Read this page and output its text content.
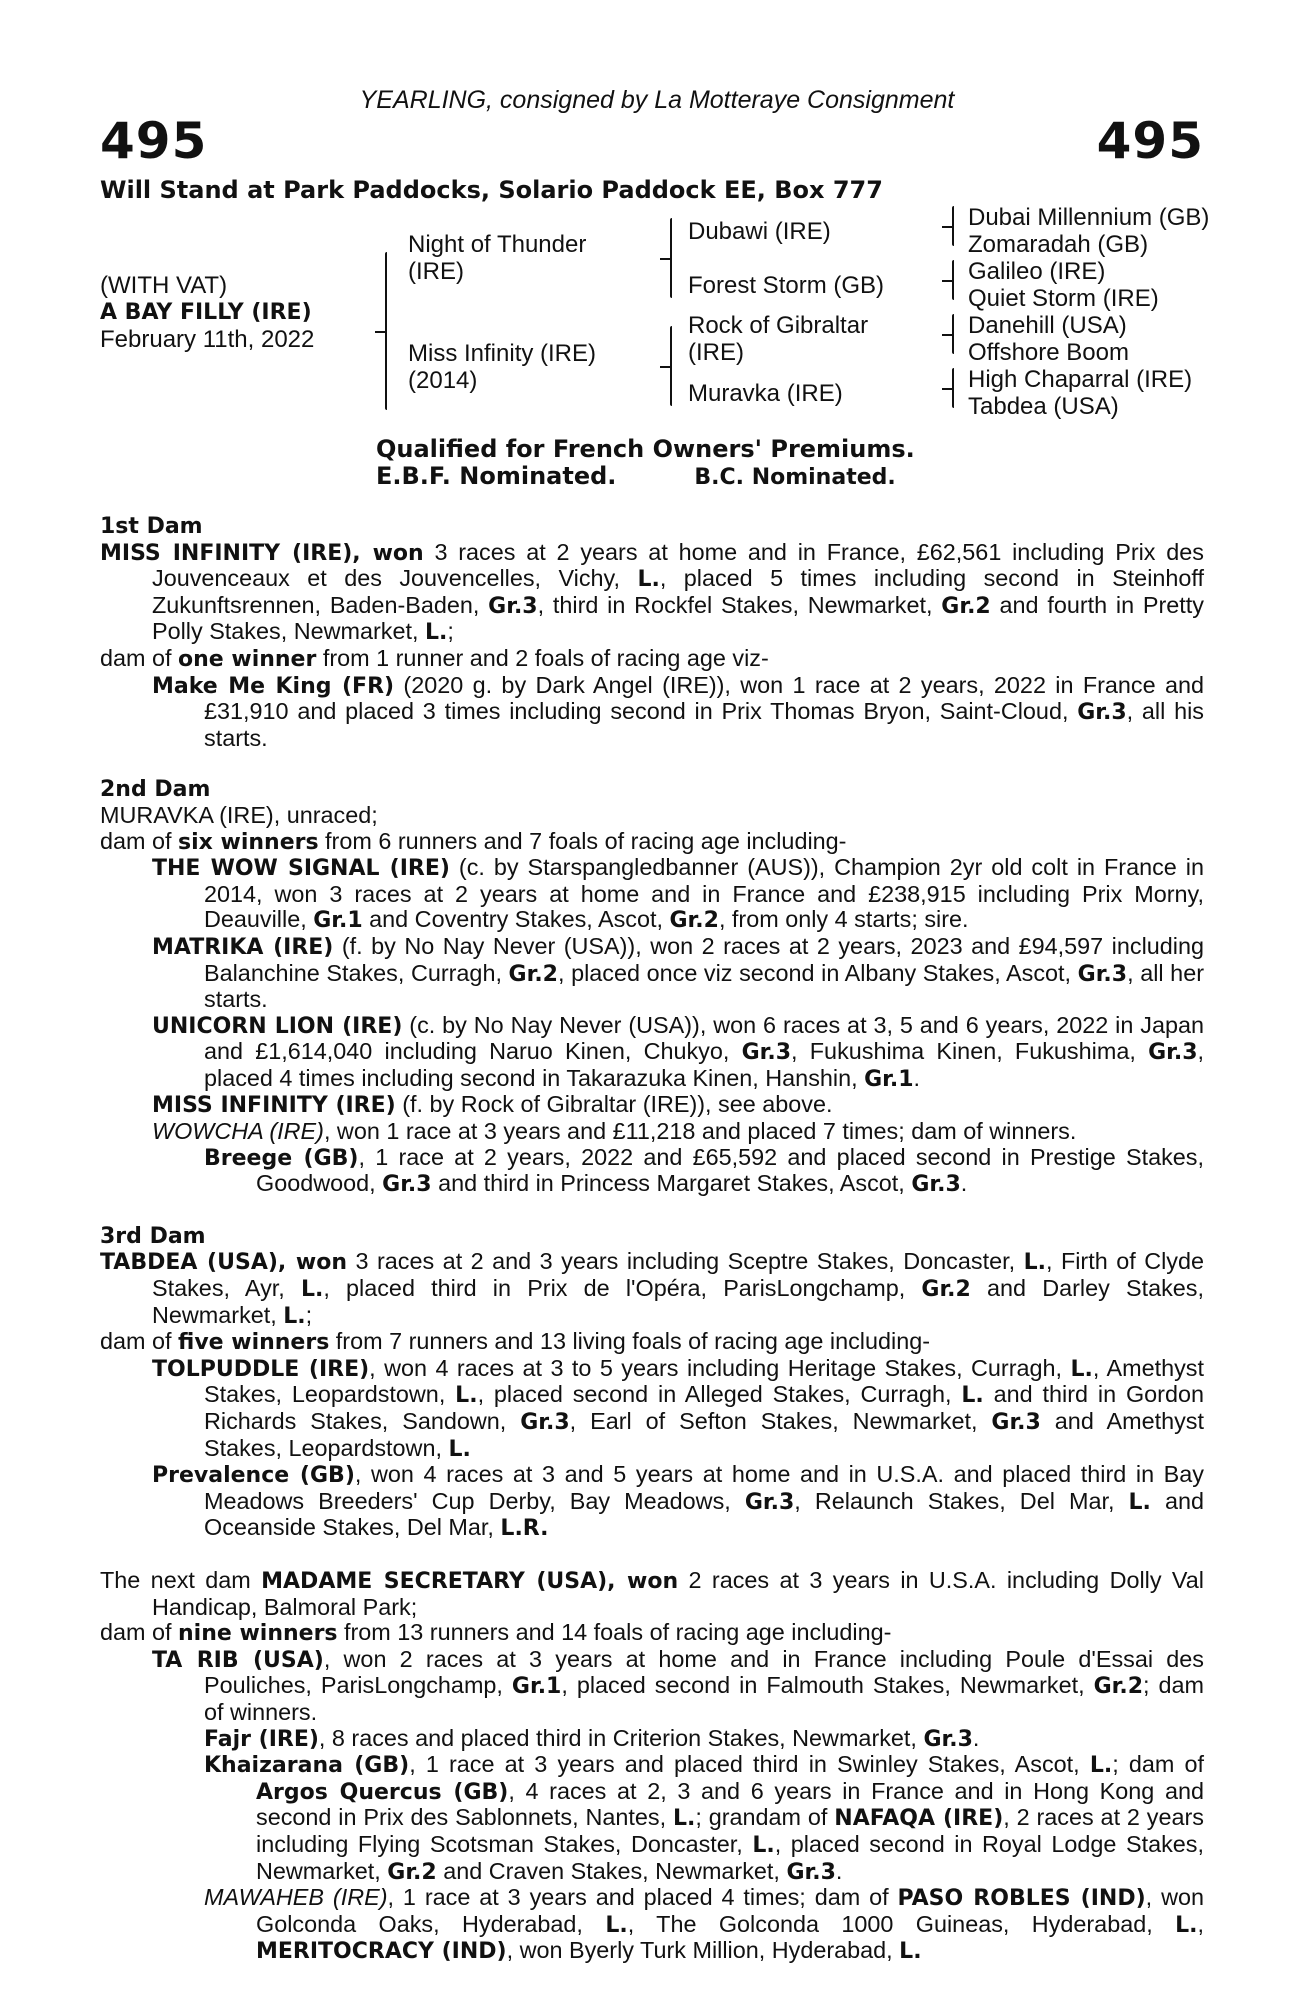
YEARLING, consigned by La Motteraye Consignment
495	495
Will Stand at Park Paddocks, Solario Paddock EE, Box 777
(WITH VAT)
A BAY FILLY (IRE)
February 11th, 2022
Night of Thunder
(IRE)
Miss Infinity (IRE)
(2014)
Dubawi (IRE)
Forest Storm (GB)
Rock of Gibraltar
(IRE)
Muravka (IRE)
Dubai Millennium (GB)
Zomaradah (GB)
Galileo (IRE)
Quiet Storm (IRE)
Danehill (USA)
Offshore Boom
High Chaparral (IRE)
Tabdea (USA)
Qualified for French Owners' Premiums.
E.B.F. Nominated.	B.C. Nominated.

1st Dam

MISS INFINITY (IRE), won 3 races at 2 years at home and in France, £62,561 including Prix des Jouvenceaux et des Jouvencelles, Vichy, L., placed 5 times including second in Steinhoff Zukunftsrennen, Baden-Baden, Gr.3, third in Rockfel Stakes, Newmarket, Gr.2 and fourth in Pretty Polly Stakes, Newmarket, L.;

dam of one winner from 1 runner and 2 foals of racing age viz-

Make Me King (FR) (2020 g. by Dark Angel (IRE)), won 1 race at 2 years, 2022 in France and £31,910 and placed 3 times including second in Prix Thomas Bryon, Saint-Cloud, Gr.3, all his starts.

2nd Dam

MURAVKA (IRE), unraced;

dam of six winners from 6 runners and 7 foals of racing age including-

THE WOW SIGNAL (IRE) (c. by Starspangledbanner (AUS)), Champion 2yr old colt in France in 2014, won 3 races at 2 years at home and in France and £238,915 including Prix Morny, Deauville, Gr.1 and Coventry Stakes, Ascot, Gr.2, from only 4 starts; sire.

MATRIKA (IRE) (f. by No Nay Never (USA)), won 2 races at 2 years, 2023 and £94,597 including Balanchine Stakes, Curragh, Gr.2, placed once viz second in Albany Stakes, Ascot, Gr.3, all her starts.

UNICORN LION (IRE) (c. by No Nay Never (USA)), won 6 races at 3, 5 and 6 years, 2022 in Japan and £1,614,040 including Naruo Kinen, Chukyo, Gr.3, Fukushima Kinen, Fukushima, Gr.3, placed 4 times including second in Takarazuka Kinen, Hanshin, Gr.1.

MISS INFINITY (IRE) (f. by Rock of Gibraltar (IRE)), see above.

WOWCHA (IRE), won 1 race at 3 years and £11,218 and placed 7 times; dam of winners.

Breege (GB), 1 race at 2 years, 2022 and £65,592 and placed second in Prestige Stakes, Goodwood, Gr.3 and third in Princess Margaret Stakes, Ascot, Gr.3.

3rd Dam

TABDEA (USA), won 3 races at 2 and 3 years including Sceptre Stakes, Doncaster, L., Firth of Clyde Stakes, Ayr, L., placed third in Prix de l'Opéra, ParisLongchamp, Gr.2 and Darley Stakes, Newmarket, L.;

dam of five winners from 7 runners and 13 living foals of racing age including-

TOLPUDDLE (IRE), won 4 races at 3 to 5 years including Heritage Stakes, Curragh, L., Amethyst Stakes, Leopardstown, L., placed second in Alleged Stakes, Curragh, L. and third in Gordon Richards Stakes, Sandown, Gr.3, Earl of Sefton Stakes, Newmarket, Gr.3 and Amethyst Stakes, Leopardstown, L.

Prevalence (GB), won 4 races at 3 and 5 years at home and in U.S.A. and placed third in Bay Meadows Breeders' Cup Derby, Bay Meadows, Gr.3, Relaunch Stakes, Del Mar, L. and Oceanside Stakes, Del Mar, L.R.

The next dam MADAME SECRETARY (USA), won 2 races at 3 years in U.S.A. including Dolly Val Handicap, Balmoral Park;

dam of nine winners from 13 runners and 14 foals of racing age including-

TA RIB (USA), won 2 races at 3 years at home and in France including Poule d'Essai des Pouliches, ParisLongchamp, Gr.1, placed second in Falmouth Stakes, Newmarket, Gr.2; dam of winners.

Fajr (IRE), 8 races and placed third in Criterion Stakes, Newmarket, Gr.3.

Khaizarana (GB), 1 race at 3 years and placed third in Swinley Stakes, Ascot, L.; dam of Argos Quercus (GB), 4 races at 2, 3 and 6 years in France and in Hong Kong and second in Prix des Sablonnets, Nantes, L.; grandam of NAFAQA (IRE), 2 races at 2 years including Flying Scotsman Stakes, Doncaster, L., placed second in Royal Lodge Stakes, Newmarket, Gr.2 and Craven Stakes, Newmarket, Gr.3.

MAWAHEB (IRE), 1 race at 3 years and placed 4 times; dam of PASO ROBLES (IND), won Golconda Oaks, Hyderabad, L., The Golconda 1000 Guineas, Hyderabad, L., MERITOCRACY (IND), won Byerly Turk Million, Hyderabad, L.
